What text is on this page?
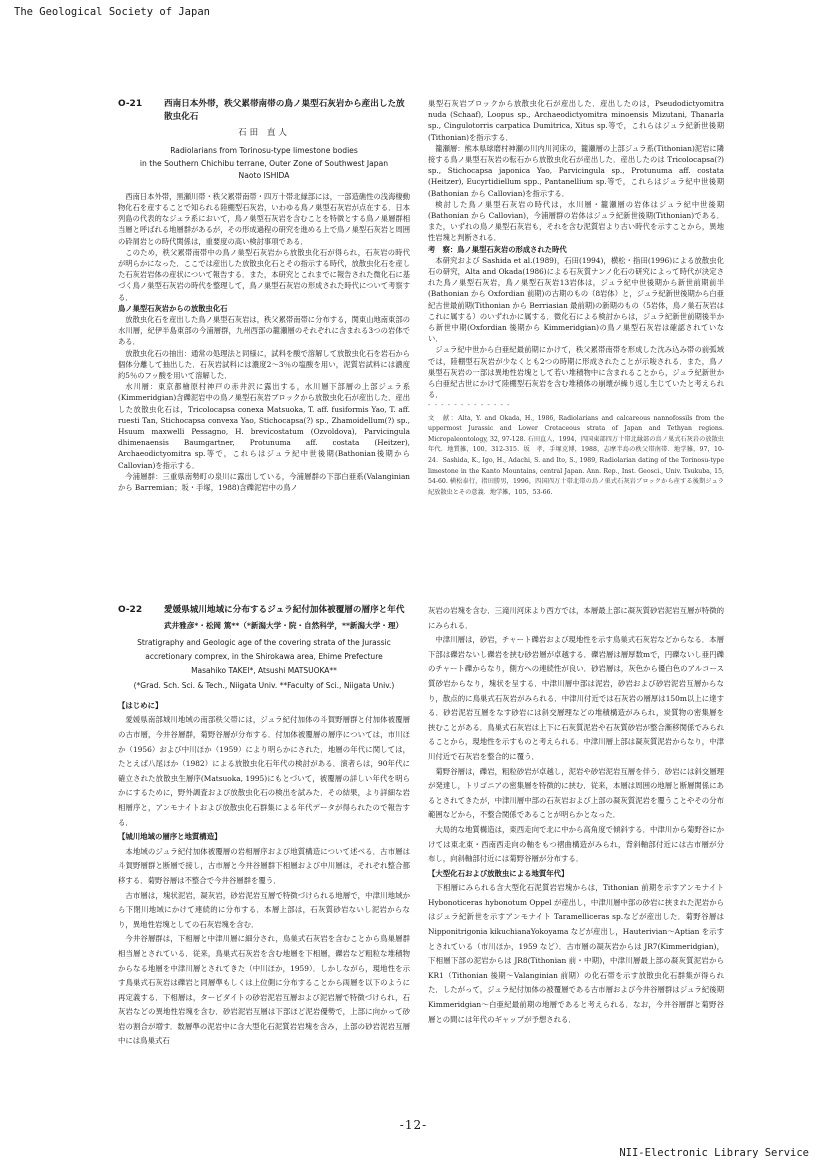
The Geological Society of Japan
O-21	西南日本外帯，秩父累帯南帯の鳥ノ巣型石灰岩から産出した放散虫化石
石田 直人
Radiolarians from Torinosu-type limestone bodies
in the Southern Chichibu terrane, Outer Zone of Southwest Japan
Naoto ISHIDA

西南日本外帯，黒瀬川帯・秩父累帯南帯・四万十帯北縁部には，一部造礁性の浅海棲動物化石を産することで知られる陸棚型石灰岩，いわゆる鳥ノ巣型石灰岩が点在する．日本列島の代表的なジュラ系において，鳥ノ巣型石灰岩を含むことを特徴とする鳥ノ巣層群相当層と呼ばれる地層群があるが，その形成過程の研究を進める上で鳥ノ巣型石灰岩と周囲の砕屑岩との時代関係は，重要度の高い検討事項である．

このため，秩父累帯南帯中の鳥ノ巣型石灰岩から放散虫化石が得られ，石灰岩の時代が明らかになった．ここでは産出した放散虫化石とその指示する時代，放散虫化石を産した石灰岩岩体の産状について報告する．また，本研究とこれまでに報告された微化石に基づく鳥ノ巣型石灰岩の時代を整理して，鳥ノ巣型石灰岩の形成された時代について考察する．

鳥ノ巣型石灰岩からの放散虫化石

放散虫化石を産出した鳥ノ巣型石灰岩は，秩父累帯南帯に分布する，関東山地南東部の水川層，紀伊半島東部の今浦層群，九州西部の籠瀬層のそれぞれに含まれる3つの岩体である．

放散虫化石の抽出：通常の処理法と同様に，試料を酸で溶解して放散虫化石を岩石から個体分離して抽出した．石灰岩試料には濃度2～3％の塩酸を用い，泥質岩試料には濃度約5％のフッ酸を用いて溶解した．

水川層：東京都檜原村神戸の赤井沢に露出する，水川層下部層の上部ジュラ系(Kimmeridgian)含礫泥岩中の鳥ノ巣型石灰岩ブロックから放散虫化石が産出した．産出した放散虫化石は，Tricolocapsa conexa Matsuoka, T. aff. fusiformis Yao, T. aff. ruesti Tan, Stichocapsa convexa Yao, Stichocapsa(?) sp., Zhamoidellum(?) sp., Hsuum maxwelli Pessagno, H. brevicostatum (Ozvoldova), Parvicingula dhimenaensis Baumgartner, Protunuma aff. costata (Heitzer), Archaeodictyomitra sp.等で，これらはジュラ紀中世後期(Bathonian後期から Callovian)を指示する．

今浦層群：三重県南勢町の泉川に露出している，今浦層群の下部白亜系(Valanginian から Barremian；坂・手塚，1988)含礫泥岩中の鳥ノ

巣型石灰岩ブロックから放散虫化石が産出した．産出したのは，Pseudodictyomitra nuda (Schaaf), Loopus sp., Archaeodictyomitra minoensis Mizutani, Thanarla sp., Cingulotorris carpatica Dumitrica, Xitus sp.等で，これらはジュラ紀新世後期(Tithonian)を指示する．

籠瀬層：熊本県球磨村神瀬の川内川河床の，籠瀬層の上部ジュラ系(Tithonian)泥岩に隣接する鳥ノ巣型石灰岩の転石から放散虫化石が産出した．産出したのは Tricolocapsa(?) sp., Stichocapsa japonica Yao, Parvicingula sp., Protunuma aff. costata (Heitzer), Eucyrtidiellum spp., Pantanellium sp.等で，これらはジュラ紀中世後期(Bathonian から Callovian)を指示する．

検討した鳥ノ巣型石灰岩の時代は，水川層・籠瀬層の岩体はジュラ紀中世後期(Bathonian から Callovian)，今浦層群の岩体はジュラ紀新世後期(Tithonian)である．また，いずれの鳥ノ巣型石灰岩も，それを含む泥質岩より古い時代を示すことから，異地性岩塊と判断される．

考　察：鳥ノ巣型石灰岩の形成された時代

本研究および Sashida et al.(1989)，石田(1994)，横松・指田(1996)による放散虫化石の研究，Alta and Okada(1986)による石灰質ナンノ化石の研究によって時代が決定された鳥ノ巣型石灰岩，鳥ノ巣型石灰岩13岩体は，ジュラ紀中世後期から新世前期前半(Bathonian から Oxfordian 前期)の古期のもの（8岩体）と，ジュラ紀新世後期から白亜紀古世最前期(Tithonian から Berriasian 最前期)の新期のもの（5岩体，鳥ノ巣石灰岩はこれに属する）のいずれかに属する．微化石による検討からは，ジュラ紀新世前期後半から新世中期(Oxfordian 後期から Kimmeridgian)の鳥ノ巣型石灰岩は確認されていない．

ジュラ紀中世から白亜紀最前期にかけて，秩父累帯南帯を形成した沈み込み帯の前弧域では，陸棚型石灰岩が少なくとも2つの時期に形成されたことが示唆される．また，鳥ノ巣型石灰岩の一部は異地性岩塊として若い堆積物中に含まれることから，ジュラ紀新世から白亜紀古世にかけて陸棚型石灰岩を含む堆積体の崩壊が繰り返し生じていたと考えられる．

- - - - - - - - - - - - -

文　献：Alta, Y. and Okada, H., 1986, Radiolarians and calcareous nannofossils from the uppermost Jurassic and Lower Cretaceous strata of Japan and Tethyan regions. Micropaleontology, 32, 97-128. 石田直人，1994，四国東部四万十帯北縁部の鳥ノ巣式石灰岩の放散虫年代．地質雑，100，312-315．坂　孝，手塚克博，1988，志摩半島の秩父帯南帯．地学雑，97，10-24．Sashida, K., Igo, H., Adachi, S. and Ito, S., 1989, Radiolarian dating of the Torinosu-type limestone in the Kanto Mountains, central Japan. Ann. Rep., Inst. Geosci., Univ. Tsukuba, 15, 54-60. 横松泰行，指田勝男，1996，四国四万十帯北帯の鳥ノ巣式石灰岩ブロックから産する後期ジュラ紀放散虫とその意義．地学雑，105，53-66.

O-22	愛媛県城川地域に分布するジュラ紀付加体被覆層の層序と年代
武井雅彦*・松岡 篤**（*新潟大学・院・自然科学，**新潟大学・理）
Stratigraphy and Geologic age of the covering strata of the Jurassic
accretionary comprex, in the Shirokawa area, Ehime Prefecture
Masahiko TAKEI*, Atsushi MATSUOKA**
(*Grad. Sch. Sci. & Tech., Niigata Univ. **Faculty of Sci., Niigata Univ.)

【はじめに】

愛媛県南部城川地域の南部秩父帯には，ジュラ紀付加体の斗賀野層群と付加体被覆層の古市層，今井谷層群，菊野谷層が分布する．付加体被覆層の層序については，市川ほか（1956）および中川ほか（1959）により明らかにされた．地層の年代に関しては，たとえば八尾ほか（1982）による放散虫化石年代の検討がある．演者らは，90年代に確立された放散虫生層序(Matsuoka, 1995)にもとづいて，被覆層の詳しい年代を明らかにするために，野外調査および放散虫化石の検出を試みた．その結果，より詳細な岩相層序と，アンモナイトおよび放散虫化石群集による年代データが得られたので報告する．

【城川地域の層序と地質構造】

本地域のジュラ紀付加体被覆層の岩相層序および地質構造について述べる．古市層は斗賀野層群と断層で接し，古市層と今井谷層群下相層および中川層は，それぞれ整合都移する．菊野谷層は不整合で今井谷層群を覆う．

古市層は，塊状泥岩，凝灰岩，砂岩泥岩互層で特徴づけられる地層で，中津川地域から下閉川地域にかけて連続的に分布する．本層上部は，石灰質砂岩ないし泥岩からなり，異地性岩塊としての石灰岩塊を含む．

今井谷層群は，下相層と中津川層に細分され，鳥巣式石灰岩を含むことから鳥巣層群相当層とされている．従来，鳥巣式石灰岩を含む地層を下相層，礫岩など粗粒な堆積物からなる地層を中津川層とされてきた（中川ほか，1959）．しかしながら，現地性を示す鳥巣式石灰岩は礫岩と同層準もしくは上位側に分布することから両層を以下のように再定義する．下相層は，ターピダイトの砂岩泥岩互層および泥岩層で特徴づけられ，石灰岩などの異地性岩塊を含む．砂岩泥岩互層は下部ほど泥岩優勢で，上部に向かって砂岩の割合が増す．数層準の泥岩中に含大型化石泥質岩岩塊を含み，上部の砂岩泥岩互層中には鳥巣式石

灰岩の岩塊を含む．三滝川河床より西方では，本層最上部に凝灰質砂岩泥岩互層が特徴的にみられる．

中津川層は，砂岩，チャート礫岩および現地性を示す鳥巣式石灰岩などからなる．本層下部は礫岩ないし礫岩を挟む砂岩層が卓越する．礫岩層は層厚数mで，円礫ないし亜円礫のチャート礫からなり，側方への連続性が良い．砂岩層は，灰色から優白色のアルコース質砂岩からなり，塊状を呈する．中津川層中部は泥岩，砂岩および砂岩泥岩互層からなり，散点的に鳥巣式石灰岩がみられる．中津川付近では石灰岩の層厚は150m以上に達する．砂岩泥岩互層をなす砂岩には斜交層理などの堆積構造がみられ，炭質物の密集層を挟むことがある．鳥巣式石灰岩は上下に石灰質泥岩や石灰質砂岩が整合漸移関係でみられることから，現地性を示すものと考えられる．中津川層上部は凝灰質泥岩からなり，中津川付近で石灰岩を整合的に覆う．

菊野谷層は，礫岩，粗粒砂岩が卓越し，泥岩や砂岩泥岩互層を伴う．砂岩には斜交層理が発達し，トリゴニアの密集層を特徴的に挟む．従来，本層は周囲の地層と断層関係にあるとされてきたが，中津川層中部の石灰岩および上部の凝灰質泥岩を覆うことやその分布範囲などから，不整合関係であることが明らかとなった．

大局的な地質構造は，東西走向で北に中から高角度で傾斜する．中津川から菊野谷にかけては東北東・西南西走向の軸をもつ褶曲構造がみられ，背斜軸部付近には古市層が分布し，向斜軸部付近には菊野谷層が分布する．

【大型化石および放散虫による地質年代】

下相層にみられる含大型化石泥質岩岩塊からは，Tithonian 前期を示すアンモナイト Hybonoticeras hybonotum Oppel が産出し，中津川層中部の砂岩に挟まれた泥岩からはジュラ紀新世を示すアンモナイト Taramelliceras sp.などが産出した．菊野谷層は Nipponitrigonia kikuchianaYokoyama などが産出し，Hauterivian～Aptian を示すとされている（市川ほか，1959 など）．古市層の凝灰岩からは JR7(Kimmeridgian)，下相層下部の泥岩からは JR8(Tithonian 前・中期)，中津川層最上部の凝灰質泥岩から KR1（Tithonian 後期～Valanginian 前期）の化石帯を示す放散虫化石群集が得られた．したがって，ジュラ紀付加体の被覆層である古市層および今井谷層群はジュラ紀後期 Kimmeridgian～白亜紀最前期の地層であると考えられる．なお，今井谷層群と菊野谷層との間には年代のギャップが予想される．

-12-
NII-Electronic Library Service
